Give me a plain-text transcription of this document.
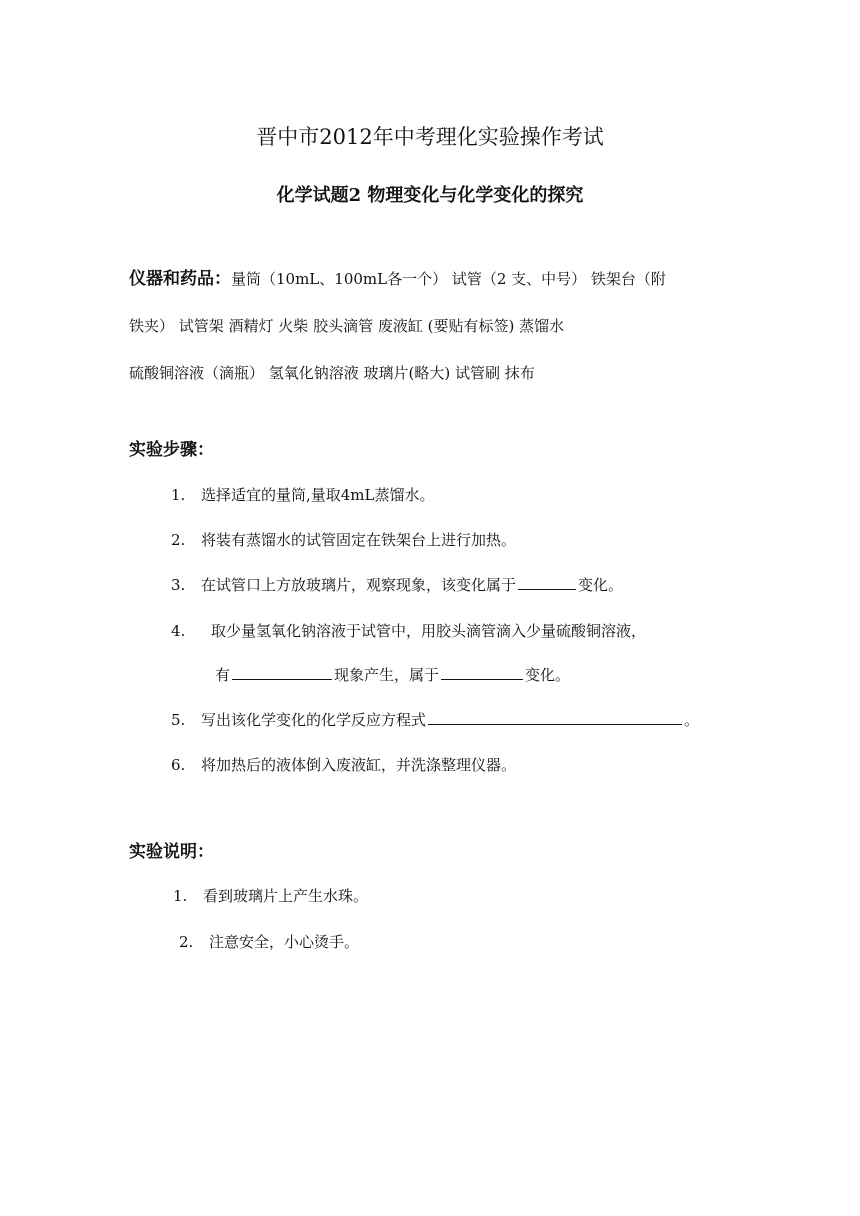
晋中市2012年中考理化实验操作考试
化学试题2 物理变化与化学变化的探究
仪器和药品：量筒（10mL、100mL各一个） 试管（2 支、中号） 铁架台（附
铁夹） 试管架 酒精灯 火柴 胶头滴管 废液缸 (要贴有标签) 蒸馏水
硫酸铜溶液（滴瓶） 氢氧化钠溶液 玻璃片(略大) 试管刷 抹布
实验步骤：
1. 选择适宜的量筒,量取4mL蒸馏水。
2. 将装有蒸馏水的试管固定在铁架台上进行加热。
3. 在试管口上方放玻璃片，观察现象，该变化属于	变化。
4. 取少量氢氧化钠溶液于试管中，用胶头滴管滴入少量硫酸铜溶液，
有	现象产生，属于	变化。
5. 写出该化学变化的化学反应方程式	。
6. 将加热后的液体倒入废液缸，并洗涤整理仪器。
实验说明：
1. 看到玻璃片上产生水珠。
2. 注意安全，小心烫手。
